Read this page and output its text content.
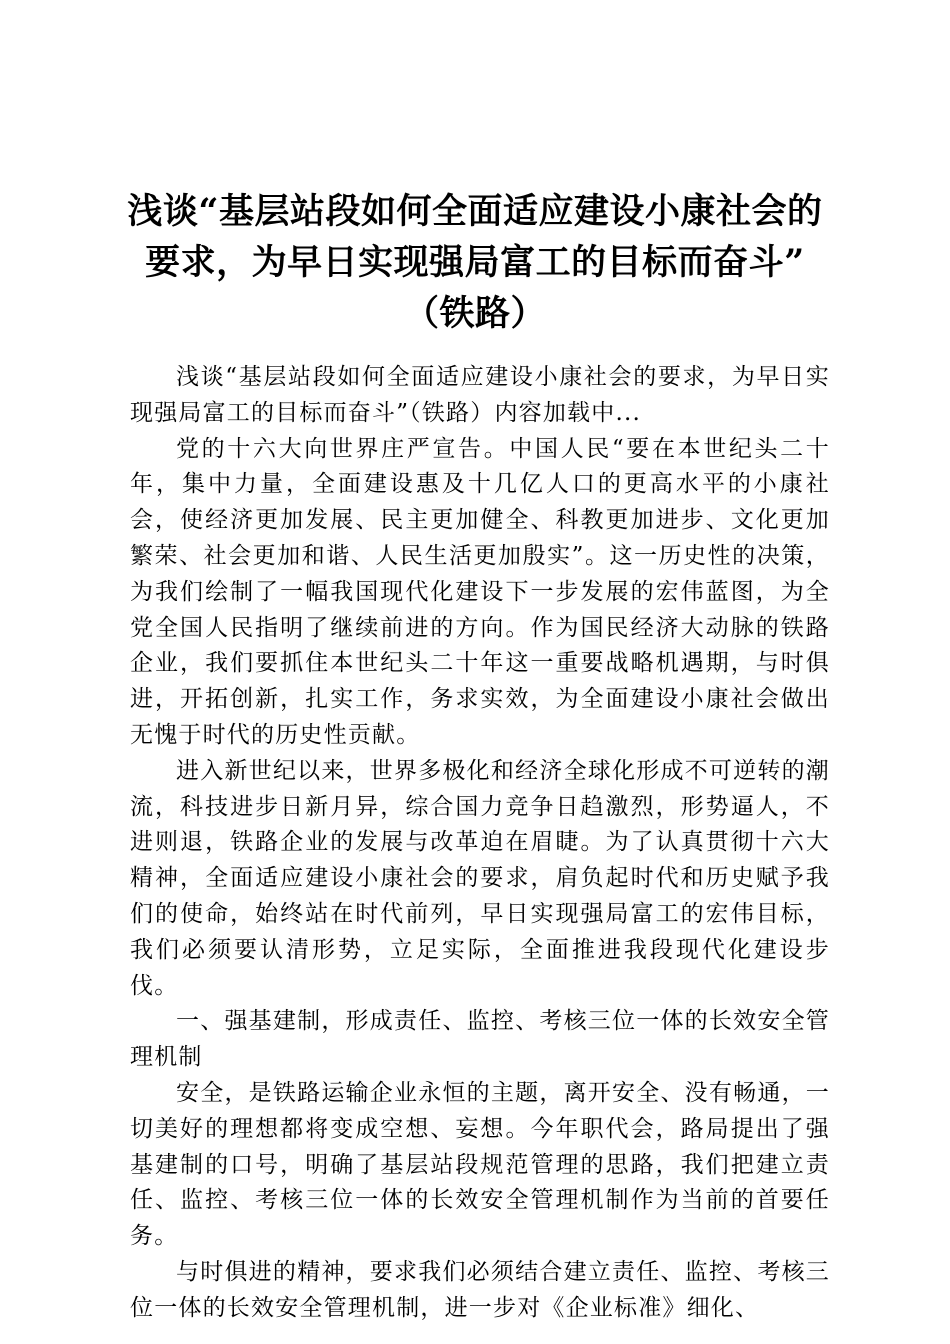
浅谈“基层站段如何全面适应建设小康社会的
要求，为早日实现强局富工的目标而奋斗”
（铁路）

浅谈“基层站段如何全面适应建设小康社会的要求，为早日实现强局富工的目标而奋斗”（铁路）内容加载中...

党的十六大向世界庄严宣告。中国人民“要在本世纪头二十年，集中力量，全面建设惠及十几亿人口的更高水平的小康社会，使经济更加发展、民主更加健全、科教更加进步、文化更加繁荣、社会更加和谐、人民生活更加殷实”。这一历史性的决策，为我们绘制了一幅我国现代化建设下一步发展的宏伟蓝图，为全党全国人民指明了继续前进的方向。作为国民经济大动脉的铁路企业，我们要抓住本世纪头二十年这一重要战略机遇期，与时俱进，开拓创新，扎实工作，务求实效，为全面建设小康社会做出无愧于时代的历史性贡献。

进入新世纪以来，世界多极化和经济全球化形成不可逆转的潮流，科技进步日新月异，综合国力竞争日趋激烈，形势逼人，不进则退，铁路企业的发展与改革迫在眉睫。为了认真贯彻十六大精神，全面适应建设小康社会的要求，肩负起时代和历史赋予我们的使命，始终站在时代前列，早日实现强局富工的宏伟目标，我们必须要认清形势，立足实际，全面推进我段现代化建设步伐。

一、强基建制，形成责任、监控、考核三位一体的长效安全管理机制

安全，是铁路运输企业永恒的主题，离开安全、没有畅通，一切美好的理想都将变成空想、妄想。今年职代会，路局提出了强基建制的口号，明确了基层站段规范管理的思路，我们把建立责任、监控、考核三位一体的长效安全管理机制作为当前的首要任务。

与时俱进的精神，要求我们必须结合建立责任、监控、考核三位一体的长效安全管理机制，进一步对《企业标准》细化、
